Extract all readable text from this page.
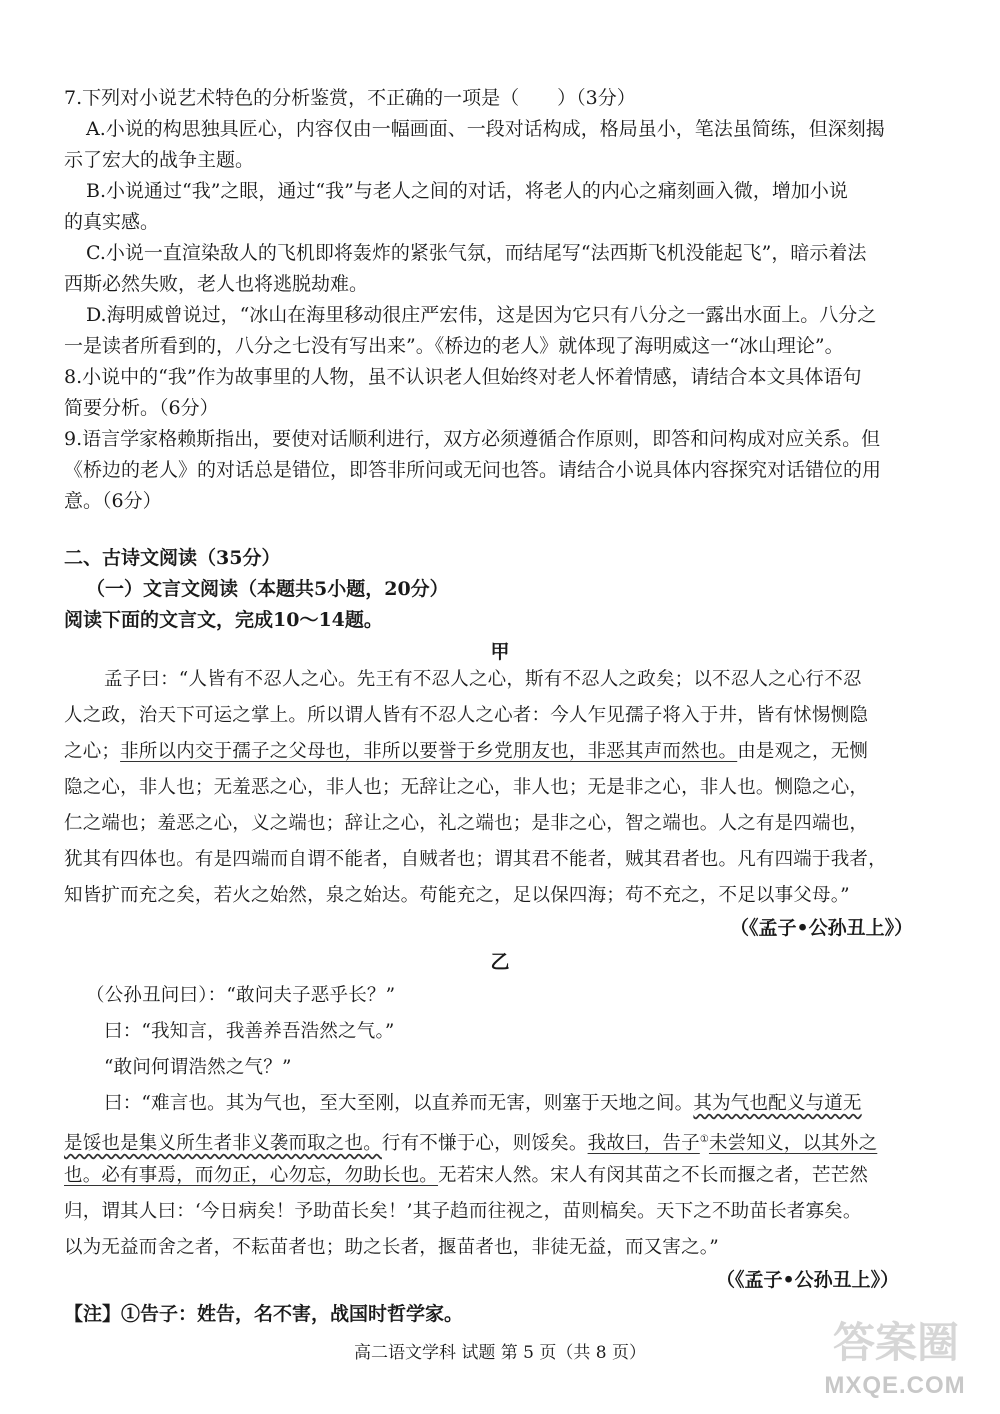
7.下列对小说艺术特色的分析鉴赏，不正确的一项是（　　）（3分）
A.小说的构思独具匠心，内容仅由一幅画面、一段对话构成，格局虽小，笔法虽简练，但深刻揭
示了宏大的战争主题。
B.小说通过“我”之眼，通过“我”与老人之间的对话，将老人的内心之痛刻画入微，增加小说
的真实感。
C.小说一直渲染敌人的飞机即将轰炸的紧张气氛，而结尾写“法西斯飞机没能起飞”，暗示着法
西斯必然失败，老人也将逃脱劫难。
D.海明威曾说过，“冰山在海里移动很庄严宏伟，这是因为它只有八分之一露出水面上。八分之
一是读者所看到的，八分之七没有写出来”。《桥边的老人》就体现了海明威这一“冰山理论”。
8.小说中的“我”作为故事里的人物，虽不认识老人但始终对老人怀着情感，请结合本文具体语句
简要分析。（6分）
9.语言学家格赖斯指出，要使对话顺利进行，双方必须遵循合作原则，即答和问构成对应关系。但
《桥边的老人》的对话总是错位，即答非所问或无问也答。请结合小说具体内容探究对话错位的用
意。（6分）
二、古诗文阅读（35分）
（一）文言文阅读（本题共5小题，20分）
阅读下面的文言文，完成10～14题。
甲
孟子曰：“人皆有不忍人之心。先王有不忍人之心，斯有不忍人之政矣；以不忍人之心行不忍
人之政，治天下可运之掌上。所以谓人皆有不忍人之心者：今人乍见孺子将入于井，皆有怵惕恻隐
之心；非所以内交于孺子之父母也，非所以要誉于乡党朋友也，非恶其声而然也。由是观之，无恻
隐之心，非人也；无羞恶之心，非人也；无辞让之心，非人也；无是非之心，非人也。恻隐之心，
仁之端也；羞恶之心，义之端也；辞让之心，礼之端也；是非之心，智之端也。人之有是四端也，
犹其有四体也。有是四端而自谓不能者，自贼者也；谓其君不能者，贼其君者也。凡有四端于我者，
知皆扩而充之矣，若火之始然，泉之始达。苟能充之，足以保四海；苟不充之，不足以事父母。”
（《孟子•公孙丑上》）
乙
（公孙丑问曰）：“敢问夫子恶乎长？”
曰：“我知言，我善养吾浩然之气。”
“敢问何谓浩然之气？”
曰：“难言也。其为气也，至大至刚，以直养而无害，则塞于天地之间。其为气也配义与道无
是馁也是集义所生者非义袭而取之也。行有不慊于心，则馁矣。我故曰，告子①未尝知义，以其外之
也。必有事焉，而勿正，心勿忘，勿助长也。无若宋人然。宋人有闵其苗之不长而揠之者，芒芒然
归，谓其人曰：‘今日病矣！予助苗长矣！’其子趋而往视之，苗则槁矣。天下之不助苗长者寡矣。
以为无益而舍之者，不耘苗者也；助之长者，揠苗者也，非徒无益，而又害之。”
（《孟子•公孙丑上》）
【注】①告子：姓告，名不害，战国时哲学家。
高二语文学科 试题 第 5 页（共 8 页）	答案圈
MXQE.COM
